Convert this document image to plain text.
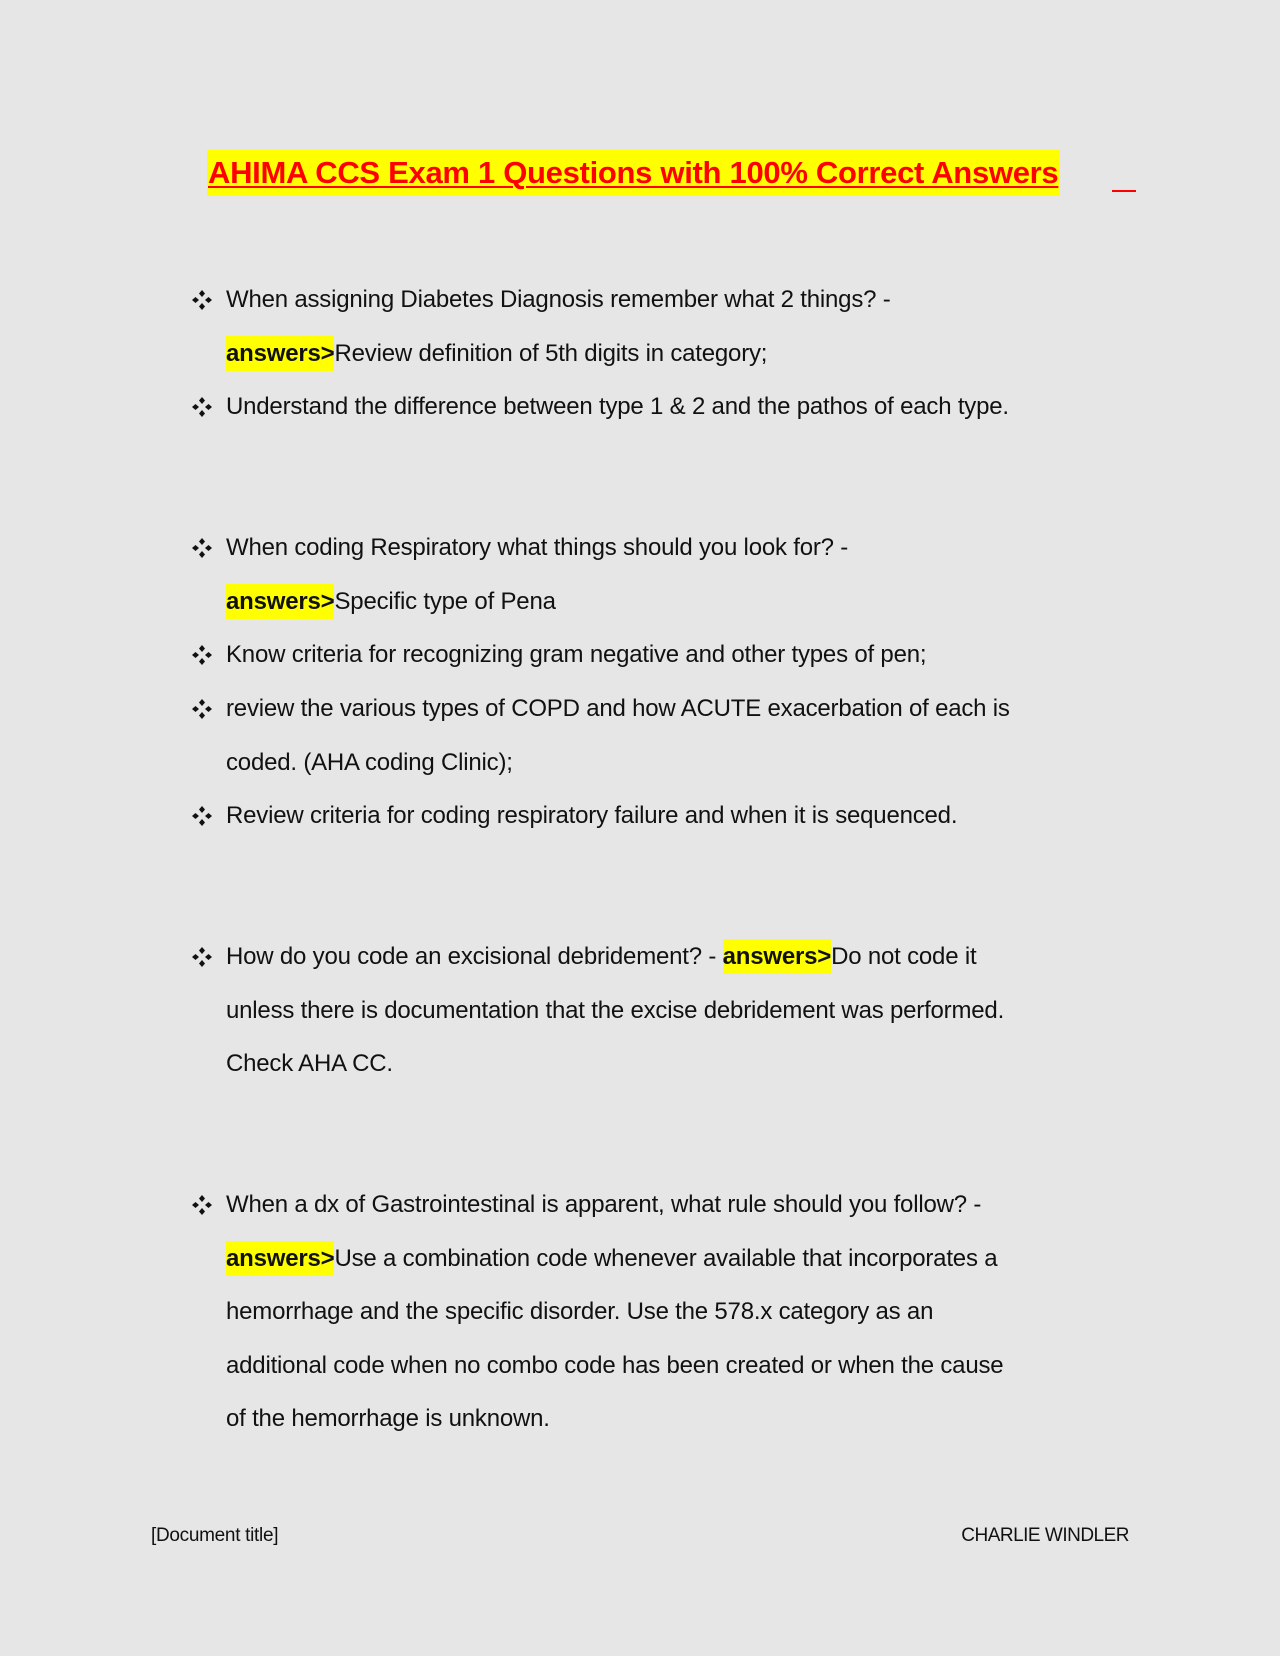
AHIMA CCS Exam 1 Questions with 100% Correct Answers
When assigning Diabetes Diagnosis remember what 2 things? -
answers>Review definition of 5th digits in category;
Understand the difference between type 1 & 2 and the pathos of each type.
When coding Respiratory what things should you look for? -
answers>Specific type of Pena
Know criteria for recognizing gram negative and other types of pen;
review the various types of COPD and how ACUTE exacerbation of each is
coded. (AHA coding Clinic);
Review criteria for coding respiratory failure and when it is sequenced.
How do you code an excisional debridement? - answers>Do not code it
unless there is documentation that the excise debridement was performed.
Check AHA CC.
When a dx of Gastrointestinal is apparent, what rule should you follow? -
answers>Use a combination code whenever available that incorporates a
hemorrhage and the specific disorder. Use the 578.x category as an
additional code when no combo code has been created or when the cause
of the hemorrhage is unknown.
[Document title]	CHARLIE WINDLER
